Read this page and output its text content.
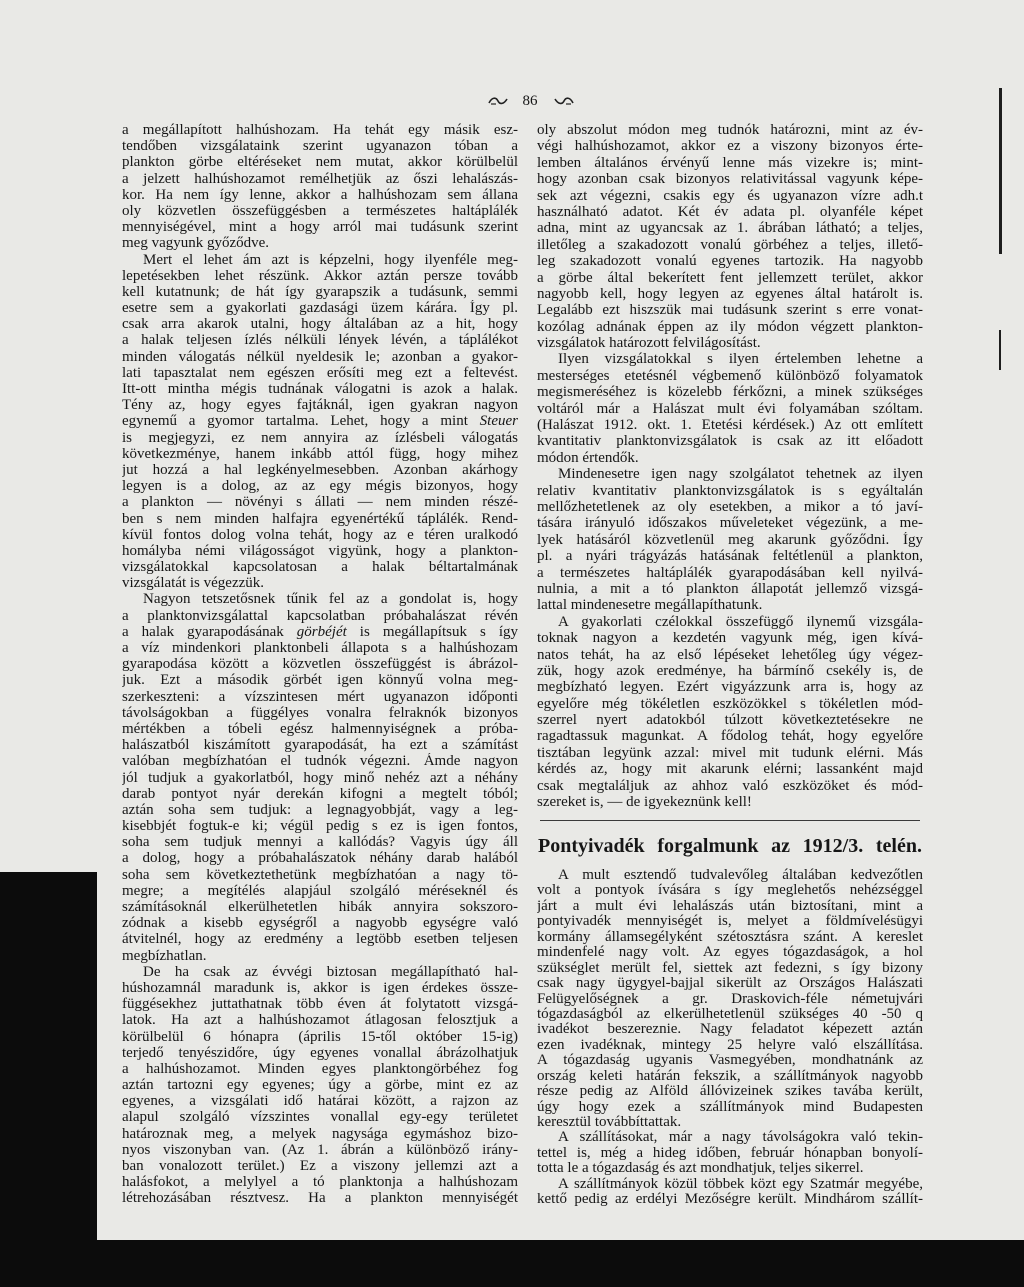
86
a megállapított halhúshozam. Ha tehát egy másik esz-
tendőben vizsgálataink szerint ugyanazon tóban a
plankton görbe eltéréseket nem mutat, akkor körülbelül
a jelzett halhúshozamot remélhetjük az őszi lehalászás-
kor. Ha nem így lenne, akkor a halhúshozam sem állana
oly közvetlen összefüggésben a természetes haltáplálék
mennyiségével, mint a hogy arról mai tudásunk szerint
meg vagyunk győződve.
Mert el lehet ám azt is képzelni, hogy ilyenféle meg-
lepetésekben lehet részünk. Akkor aztán persze tovább
kell kutatnunk; de hát így gyarapszik a tudásunk, semmi
esetre sem a gyakorlati gazdasági üzem kárára. Így pl.
csak arra akarok utalni, hogy általában az a hit, hogy
a halak teljesen ízlés nélküli lények lévén, a táplálékot
minden válogatás nélkül nyeldesik le; azonban a gyakor-
lati tapasztalat nem egészen erősíti meg ezt a feltevést.
Itt-ott mintha mégis tudnának válogatni is azok a halak.
Tény az, hogy egyes fajtáknál, igen gyakran nagyon
egynemű a gyomor tartalma. Lehet, hogy a mint Steuer
is megjegyzi, ez nem annyira az ízlésbeli válogatás
következménye, hanem inkább attól függ, hogy mihez
jut hozzá a hal legkényelmesebben. Azonban akárhogy
legyen is a dolog, az az egy mégis bizonyos, hogy
a plankton — növényi s állati — nem minden részé-
ben s nem minden halfajra egyenértékű táplálék. Rend-
kívül fontos dolog volna tehát, hogy az e téren uralkodó
homályba némi világosságot vigyünk, hogy a plankton-
vizsgálatokkal kapcsolatosan a halak béltartalmának
vizsgálatát is végezzük.
Nagyon tetszetősnek tűnik fel az a gondolat is, hogy
a planktonvizsgálattal kapcsolatban próbahalászat révén
a halak gyarapodásának görbéjét is megállapítsuk s így
a víz mindenkori planktonbeli állapota s a halhúshozam
gyarapodása között a közvetlen összefüggést is ábrázol-
juk. Ezt a második görbét igen könnyű volna meg-
szerkeszteni: a vízszintesen mért ugyanazon időponti
távolságokban a függélyes vonalra felraknók bizonyos
mértékben a tóbeli egész halmennyiségnek a próba-
halászatból kiszámított gyarapodását, ha ezt a számítást
valóban megbízhatóan el tudnók végezni. Ámde nagyon
jól tudjuk a gyakorlatból, hogy minő nehéz azt a néhány
darab pontyot nyár derekán kifogni a megtelt tóból;
aztán soha sem tudjuk: a legnagyobbját, vagy a leg-
kisebbjét fogtuk-e ki; végül pedig s ez is igen fontos,
soha sem tudjuk mennyi a kallódás? Vagyis úgy áll
a dolog, hogy a próbahalászatok néhány darab halából
soha sem következtethetünk megbízhatóan a nagy tö-
megre; a megítélés alapjául szolgáló méréseknél és
számításoknál elkerülhetetlen hibák annyira sokszoro-
zódnak a kisebb egységről a nagyobb egységre való
átvitelnél, hogy az eredmény a legtöbb esetben teljesen
megbízhatlan.
De ha csak az évvégi biztosan megállapítható hal-
húshozamnál maradunk is, akkor is igen érdekes össze-
függésekhez juttathatnak több éven át folytatott vizsgá-
latok. Ha azt a halhúshozamot átlagosan felosztjuk a
körülbelül 6 hónapra (április 15-től október 15-ig)
terjedő tenyészidőre, úgy egyenes vonallal ábrázolhatjuk
a halhúshozamot. Minden egyes planktongörbéhez fog
aztán tartozni egy egyenes; úgy a görbe, mint ez az
egyenes, a vizsgálati idő határai között, a rajzon az
alapul szolgáló vízszintes vonallal egy-egy területet
határoznak meg, a melyek nagysága egymáshoz bizo-
nyos viszonyban van. (Az 1. ábrán a különböző irány-
ban vonalozott terület.) Ez a viszony jellemzi azt a
halásfokot, a melylyel a tó planktonja a halhúshozam
létrehozásában résztvesz. Ha a plankton mennyiségét
oly abszolut módon meg tudnók határozni, mint az év-
végi halhúshozamot, akkor ez a viszony bizonyos érte-
lemben általános érvényű lenne más vizekre is; mint-
hogy azonban csak bizonyos relativitással vagyunk képe-
sek azt végezni, csakis egy és ugyanazon vízre adh.t
használható adatot. Két év adata pl. olyanféle képet
adna, mint az ugyancsak az 1. ábrában látható; a teljes,
illetőleg a szakadozott vonalú görbéhez a teljes, illető-
leg szakadozott vonalú egyenes tartozik. Ha nagyobb
a görbe által bekerített fent jellemzett terület, akkor
nagyobb kell, hogy legyen az egyenes által határolt is.
Legalább ezt hiszszük mai tudásunk szerint s erre vonat-
kozólag adnának éppen az ily módon végzett plankton-
vizsgálatok határozott felvilágosítást.
Ilyen vizsgálatokkal s ilyen értelemben lehetne a
mesterséges etetésnél végbemenő különböző folyamatok
megismeréséhez is közelebb férkőzni, a minek szükséges
voltáról már a Halászat mult évi folyamában szóltam.
(Halászat 1912. okt. 1. Etetési kérdések.) Az ott említett
kvantitativ planktonvizsgálatok is csak az itt előadott
módon értendők.
Mindenesetre igen nagy szolgálatot tehetnek az ilyen
relativ kvantitativ planktonvizsgálatok is s egyáltalán
mellőzhetetlenek az oly esetekben, a mikor a tó javí-
tására irányuló időszakos műveleteket végezünk, a me-
lyek hatásáról közvetlenül meg akarunk győződni. Így
pl. a nyári trágyázás hatásának feltétlenül a plankton,
a természetes haltáplálék gyarapodásában kell nyilvá-
nulnia, a mit a tó plankton állapotát jellemző vizsgá-
lattal mindenesetre megállapíthatunk.
A gyakorlati czélokkal összefüggő ilynemű vizsgála-
toknak nagyon a kezdetén vagyunk még, igen kívá-
natos tehát, ha az első lépéseket lehetőleg úgy végez-
zük, hogy azok eredménye, ha bármínő csekély is, de
megbízható legyen. Ezért vigyázzunk arra is, hogy az
egyelőre még tökéletlen eszközökkel s tökéletlen mód-
szerrel nyert adatokból túlzott következtetésekre ne
ragadtassuk magunkat. A fődolog tehát, hogy egyelőre
tisztában legyünk azzal: mivel mit tudunk elérni. Más
kérdés az, hogy mit akarunk elérni; lassanként majd
csak megtaláljuk az ahhoz való eszközöket és mód-
szereket is, — de igyekeznünk kell!
Pontyivadék forgalmunk az 1912/3. telén.
A mult esztendő tudvalevőleg általában kedvezőtlen
volt a pontyok ívására s így meglehetős nehézséggel
járt a mult évi lehalászás után biztosítani, mint a
pontyivadék mennyiségét is, melyet a földmívelésügyi
kormány államsegélyként szétosztásra szánt. A kereslet
mindenfelé nagy volt. Az egyes tógazdaságok, a hol
szükséglet merült fel, siettek azt fedezni, s így bizony
csak nagy ügygyel-bajjal sikerült az Országos Halászati
Felügyelőségnek a gr. Draskovich-féle németujvári
tógazdaságból az elkerülhetetlenül szükséges 40 -50 q
ivadékot beszereznie. Nagy feladatot képezett aztán
ezen ivadéknak, mintegy 25 helyre való elszállítása.
A tógazdaság ugyanis Vasmegyében, mondhatnánk az
ország keleti határán fekszik, a szállítmányok nagyobb
része pedig az Alföld állóvizeinek szikes tavába került,
úgy hogy ezek a szállítmányok mind Budapesten
keresztül továbbíttattak.
A szállításokat, már a nagy távolságokra való tekin-
tettel is, még a hideg időben, február hónapban bonyolí-
totta le a tógazdaság és azt mondhatjuk, teljes sikerrel.
A szállítmányok közül többek közt egy Szatmár megyébe,
kettő pedig az erdélyi Mezőségre került. Mindhárom szállít-
